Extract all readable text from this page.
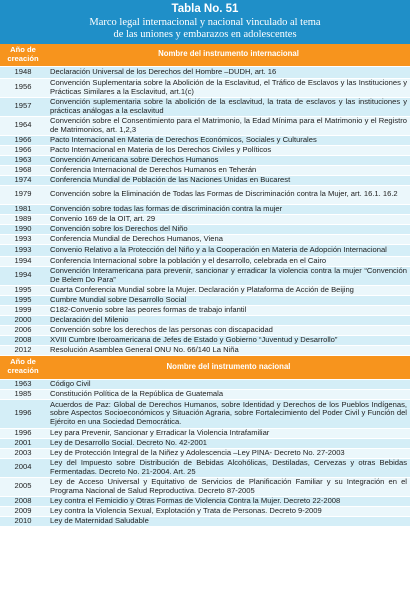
Tabla No. 51
Marco legal internacional y nacional vinculado al tema
de las uniones y embarazos en adolescentes
Año de creación	Nombre del instrumento internacional
1948	Declaración Universal de los Derechos del Hombre –DUDH, art. 16
1956	Convención Suplementaria sobre la Abolición de la Esclavitud, el Tráfico de Esclavos y las Instituciones y Prácticas Similares a la Esclavitud, art.1(c)
1957	Convención suplementaria sobre la abolición de la esclavitud, la trata de esclavos y las instituciones y prácticas análogas a la esclavitud
1964	Convención sobre el Consentimiento para el Matrimonio, la Edad Mínima para el Matrimonio y el Registro de Matrimonios, art. 1,2,3
1966	Pacto Internacional en Materia de Derechos Económicos, Sociales y Culturales
1966	Pacto Internacional en Materia de los Derechos Civiles y Políticos
1963	Convención Americana sobre Derechos Humanos
1968	Conferencia Internacional de Derechos Humanos en Teherán
1974	Conferencia Mundial de Población de las Naciones Unidas en Bucarest
1979	Convención sobre la Eliminación de Todas las Formas de Discriminación contra la Mujer, art. 16.1. 16.2
1981	Convención sobre todas las formas de discriminación contra la mujer
1989	Convenio 169 de la OIT, art. 29
1990	Convención sobre los Derechos del Niño
1993	Conferencia Mundial de Derechos Humanos, Viena
1993	Convenio Relativo a la Protección del Niño y a la Cooperación en Materia de Adopción Internacional
1994	Conferencia Internacional sobre la población y el desarrollo, celebrada en el Cairo
1994	Convención Interamericana para prevenir, sancionar y erradicar la violencia contra la mujer “Convención De Belem Do Para”
1995	Cuarta Conferencia Mundial sobre la Mujer. Declaración y Plataforma de Acción de Beijing
1995	Cumbre Mundial sobre Desarrollo Social
1999	C182-Convenio sobre las peores formas de trabajo infantil
2000	Declaración del Milenio
2006	Convención sobre los derechos de las personas con discapacidad
2008	XVIII Cumbre Iberoamericana de Jefes de Estado y Gobierno “Juventud y Desarrollo”
2012	Resolución Asamblea General ONU No. 66/140 La Niña
Año de creación	Nombre del instrumento nacional
1963	Código Civil
1985	Constitución Política de la República de Guatemala
1996	Acuerdos de Paz: Global de Derechos Humanos, sobre Identidad y Derechos de los Pueblos Indígenas, sobre Aspectos Socioeconómicos y Situación Agraria, sobre Fortalecimiento del Poder Civil y Función del Ejército en una Sociedad Democrática.
1996	Ley para Prevenir, Sancionar y Erradicar la Violencia Intrafamiliar
2001	Ley de Desarrollo Social. Decreto No. 42-2001
2003	Ley de Protección Integral de la Niñez y Adolescencia –Ley PINA- Decreto No. 27-2003
2004	Ley del Impuesto sobre Distribución de Bebidas Alcohólicas, Destiladas, Cervezas y otras Bebidas Fermentadas. Decreto No. 21-2004. Art. 25
2005	Ley de Acceso Universal y Equitativo de Servicios de Planificación Familiar y su Integración en el Programa Nacional de Salud Reproductiva. Decreto 87-2005
2008	Ley contra el Femicidio y Otras Formas de Violencia Contra la Mujer. Decreto 22-2008
2009	Ley contra la Violencia Sexual, Explotación y Trata de Personas. Decreto 9-2009
2010	Ley de Maternidad Saludable
